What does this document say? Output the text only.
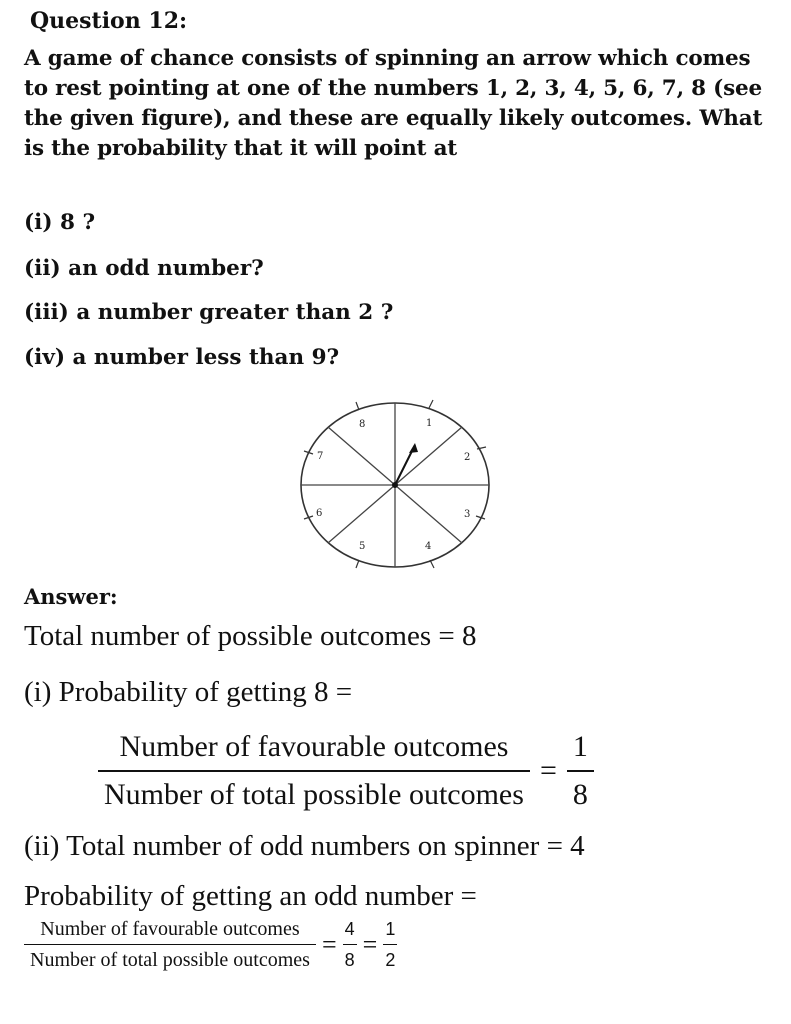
Question 12:
A game of chance consists of spinning an arrow which comes to rest pointing at one of the numbers 1, 2, 3, 4, 5, 6, 7, 8 (see the given figure), and these are equally likely outcomes. What is the probability that it will point at
(i) 8 ?
(ii) an odd number?
(iii) a number greater than 2 ?
(iv) a number less than 9?
1
2
3
4
5
6
7
8
Answer:
Total number of possible outcomes = 8
(i) Probability of getting 8 =
$\frac{\text{Number of favourable outcomes}}{\text{Number of total possible outcomes}} = \frac{1}{8}$
(ii) Total number of odd numbers on spinner = 4
Probability of getting an odd number =
$\frac{\text{Number of favourable outcomes}}{\text{Number of total possible outcomes}} = \frac{4}{8} = \frac{1}{2}$
